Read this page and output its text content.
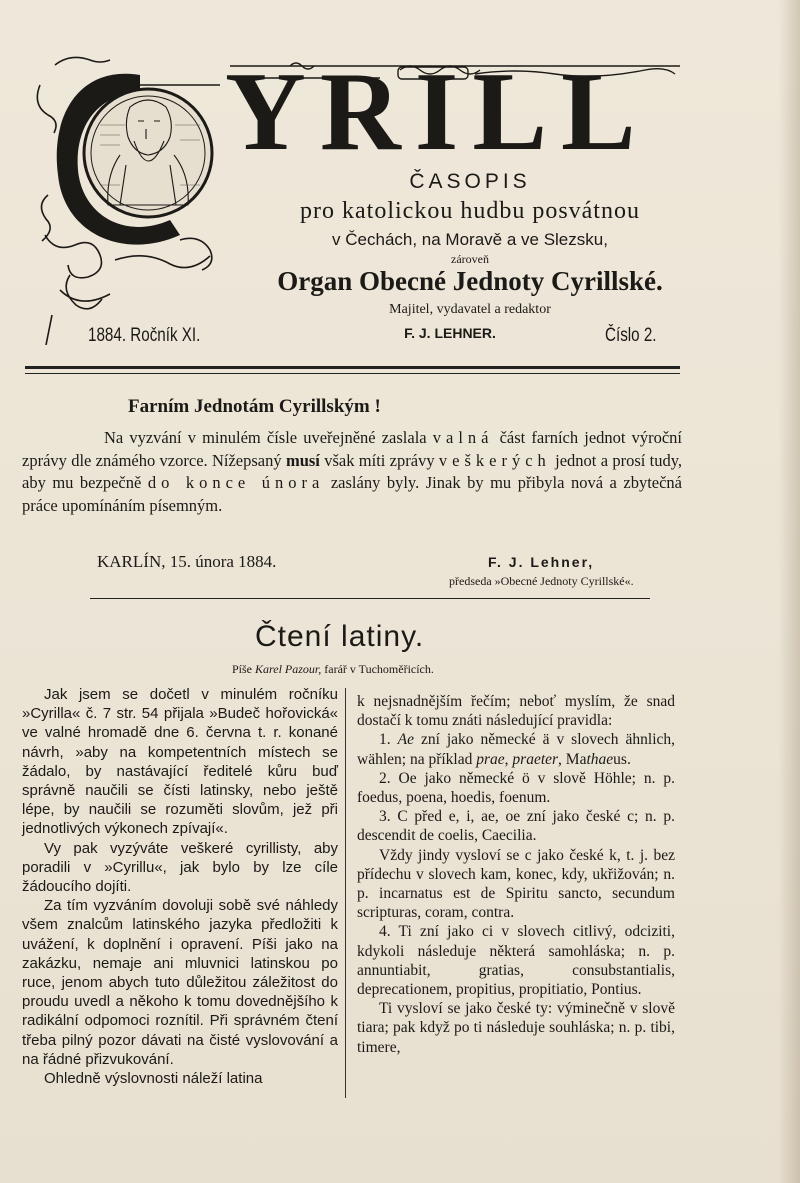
YRILL
ČASOPIS
pro katolickou hudbu posvátnou
v Čechách, na Moravě a ve Slezsku,
zároveň
Organ Obecné Jednoty Cyrillské.
Majitel, vydavatel a redaktor
F. J. LEHNER.
1884. Ročník XI.	Číslo 2.
Farním Jednotám Cyrillským !
Na vyzvání v minulém čísle uveřejněné zaslala valná část farních jednot výroční zprávy dle známého vzorce. Nížepsaný musí však míti zprávy veškerých jednot a prosí tudy, aby mu bezpečně do konce února zaslány byly. Jinak by mu přibyla nová a zbytečná práce upomínáním písemným.
KARLÍN, 15. února 1884.	F. J. Lehner,
předseda »Obecné Jednoty Cyrillské«.
Čtení latiny.
Píše Karel Pazour, farář v Tuchoměřicích.

Jak jsem se dočetl v minulém ročníku »Cyrilla« č. 7 str. 54 přijala »Budeč hořovická« ve valné hromadě dne 6. června t. r. konané návrh, »aby na kompetentních místech se žádalo, by nastávající ředitelé kůru buď správně naučili se čísti latinsky, nebo ještě lépe, by naučili se rozuměti slovům, jež při jednotlivých výkonech zpívají«.

Vy pak vyzýváte veškeré cyrillisty, aby poradili v »Cyrillu«, jak bylo by lze cíle žádoucího dojíti.

Za tím vyzváním dovoluji sobě své náhledy všem znalcům latinského jazyka předložiti k uvážení, k doplnění i opravení. Píši jako na zakázku, nemaje ani mluvnici latinskou po ruce, jenom abych tuto důležitou záležitost do proudu uvedl a někoho k tomu dovednějšího k radikální odpomoci roznítil. Při správném čtení třeba pilný pozor dávati na čisté vyslovování a na řádné přizvukování.

Ohledně výslovnosti náleží latina

k nejsnadnějším řečím; neboť myslím, že snad dostačí k tomu znáti následující pravidla:

1. Ae zní jako německé ä v slovech ähnlich, wählen; na příklad prae, praeter, Mathaeus.

2. Oe jako německé ö v slově Höhle; n. p. foedus, poena, hoedis, foenum.

3. C před e, i, ae, oe zní jako české c; n. p. descendit de coelis, Caecilia.

Vždy jindy vysloví se c jako české k, t. j. bez přídechu v slovech kam, konec, kdy, ukřižován; n. p. incarnatus est de Spiritu sancto, secundum scripturas, coram, contra.

4. Ti zní jako ci v slovech citlivý, odciziti, kdykoli následuje některá samohláska; n. p. annuntiabit, gratias, consubstantialis, deprecationem, propitius, propitiatio, Pontius.

Ti vysloví se jako české ty: výminečně v slově tiara; pak když po ti následuje souhláska; n. p. tibi, timere,
